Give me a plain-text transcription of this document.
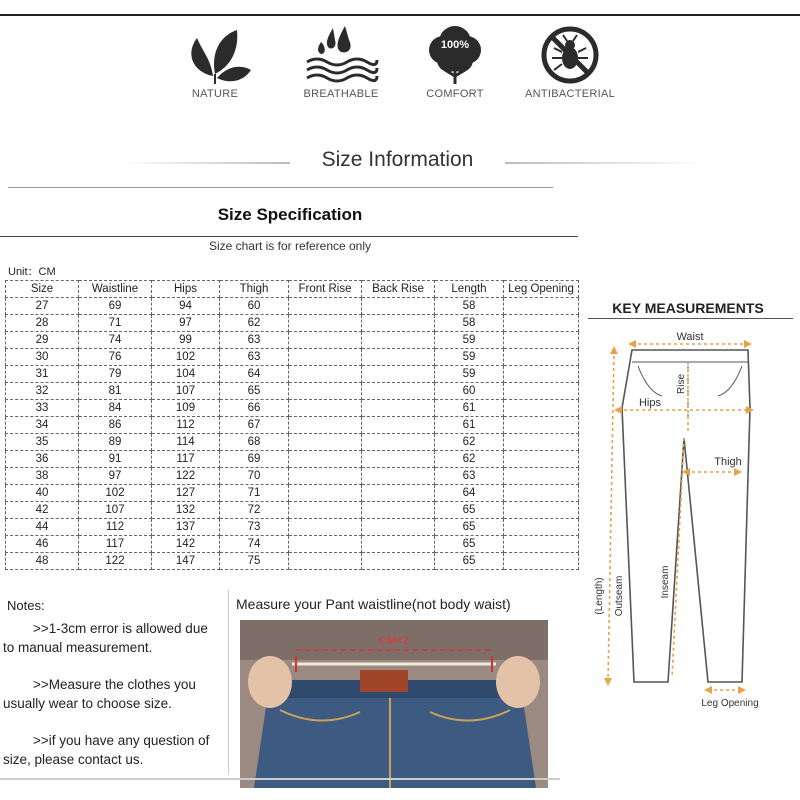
NATURE	BREATHABLE
100%
COMFORT	ANTIBACTERIAL
Size Information
Size Specification
Size chart is for reference only
Unit：CM
Size	Waistline	Hips	Thigh	Front Rise	Back Rise	Length	Leg Opening
27	69	94	60			58	
28	71	97	62			58	
29	74	99	63			59	
30	76	102	63			59	
31	79	104	64			59	
32	81	107	65			60	
33	84	109	66			61	
34	86	112	67			61	
35	89	114	68			62	
36	91	117	69			62	
38	97	122	70			63	
40	102	127	71			64	
42	107	132	72			65	
44	112	137	73			65	
46	117	142	74			65	
48	122	147	75			65	
Notes:
>>1-3cm error is allowed due
to manual measurement.
>>Measure the clothes you
usually wear to choose size.
>>if you have any question of
size, please contact us.
Measure your Pant waistline(not body waist)
CM×2
KEY MEASUREMENTS
Waist
Hips
Thigh
Rise
(Length) Outseam	Inseam
Leg Opening
